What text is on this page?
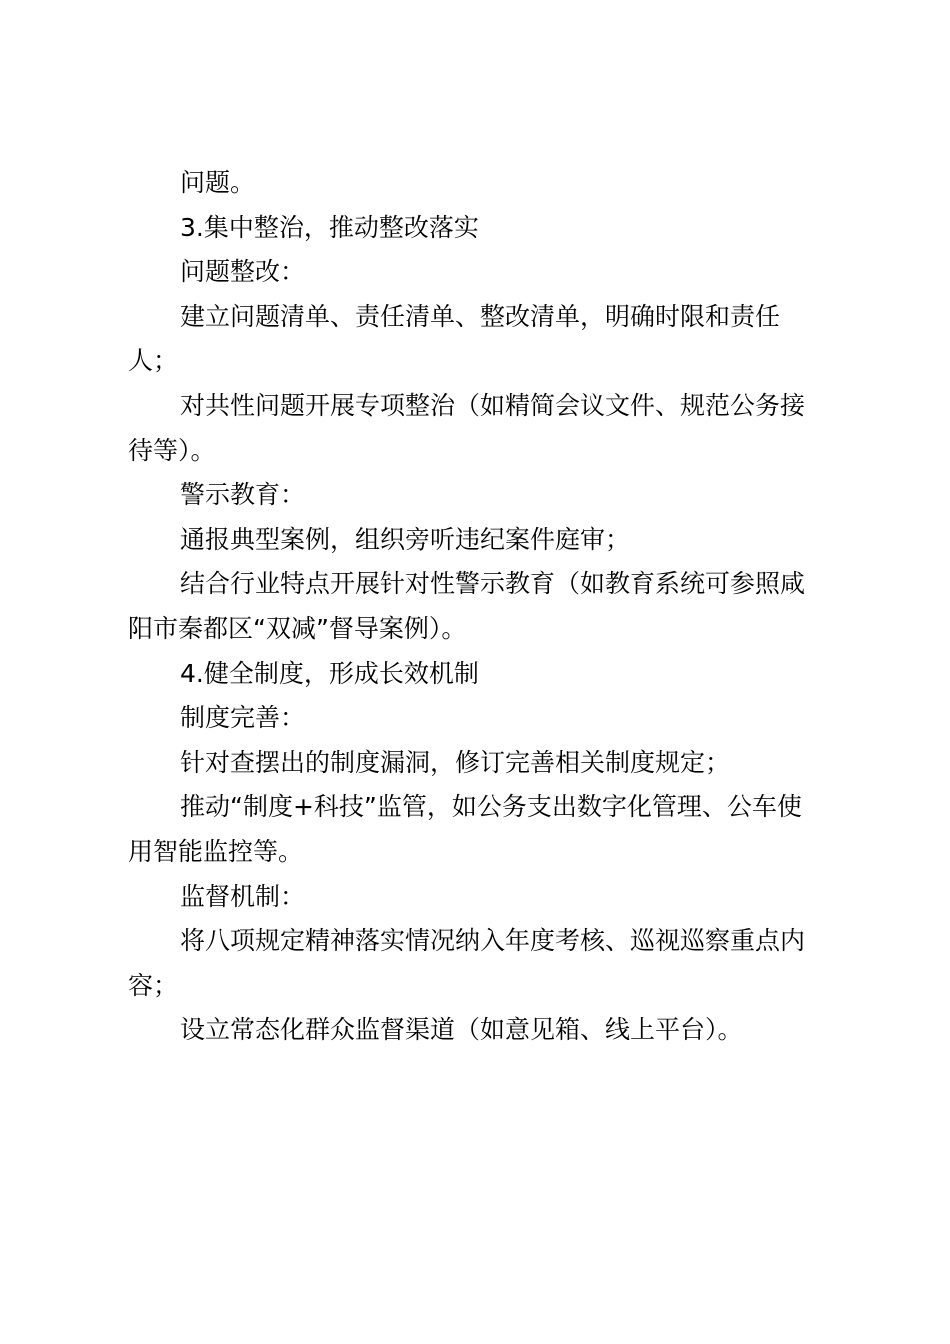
问题。
3.集中整治，推动整改落实
问题整改：
建立问题清单、责任清单、整改清单，明确时限和责任
人；
对共性问题开展专项整治（如精简会议文件、规范公务接
待等）。
警示教育：
通报典型案例，组织旁听违纪案件庭审；
结合行业特点开展针对性警示教育（如教育系统可参照咸
阳市秦都区“双减”督导案例）。
4.健全制度，形成长效机制
制度完善：
针对查摆出的制度漏洞，修订完善相关制度规定；
推动“制度+科技”监管，如公务支出数字化管理、公车使
用智能监控等。
监督机制：
将八项规定精神落实情况纳入年度考核、巡视巡察重点内
容；
设立常态化群众监督渠道（如意见箱、线上平台）。
